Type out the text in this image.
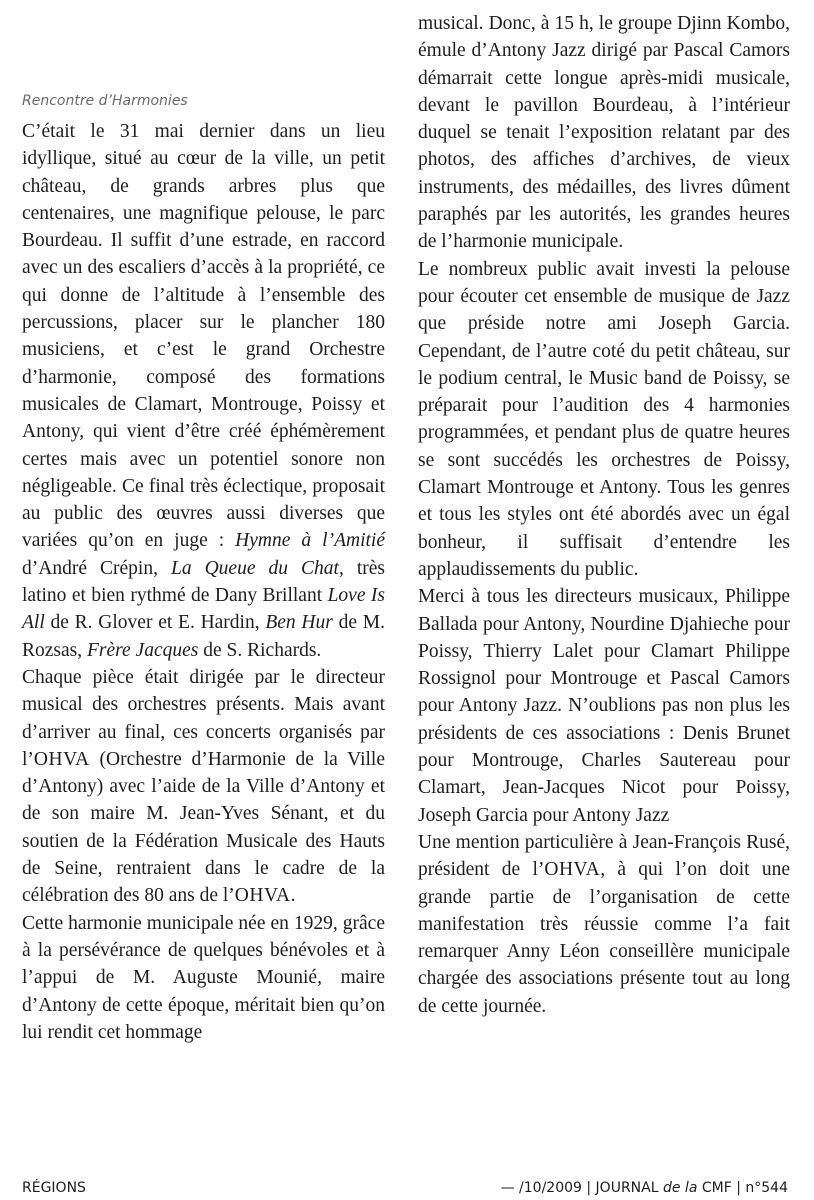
Rencontre d’Harmonies

C’était le 31 mai dernier dans un lieu idyllique, situé au cœur de la ville, un petit château, de grands arbres plus que centenaires, une magnifique pelouse, le parc Bourdeau. Il suffit d’une estrade, en raccord avec un des escaliers d’accès à la propriété, ce qui donne de l’altitude à l’ensemble des percussions, placer sur le plancher 180 musiciens, et c’est le grand Orchestre d’harmonie, composé des formations musicales de Clamart, Montrouge, Poissy et Antony, qui vient d’être créé éphémèrement certes mais avec un potentiel sonore non négligeable. Ce final très éclectique, proposait au public des œuvres aussi diverses que variées qu’on en juge : Hymne à l’Amitié d’André Crépin, La Queue du Chat, très latino et bien rythmé de Dany Brillant Love Is All de R. Glover et E. Hardin, Ben Hur de M. Rozsas, Frère Jacques de S. Richards.

Chaque pièce était dirigée par le directeur musical des orchestres présents. Mais avant d’arriver au final, ces concerts organisés par l’OHVA (Orchestre d’Harmonie de la Ville d’Antony) avec l’aide de la Ville d’Antony et de son maire M. Jean-Yves Sénant, et du soutien de la Fédération Musicale des Hauts de Seine, rentraient dans le cadre de la célébration des 80 ans de l’OHVA.

Cette harmonie municipale née en 1929, grâce à la persévérance de quelques bénévoles et à l’appui de M. Auguste Mounié, maire d’Antony de cette époque, méritait bien qu’on lui rendit cet hommage

musical. Donc, à 15 h, le groupe Djinn Kombo, émule d’Antony Jazz dirigé par Pascal Camors démarrait cette longue après-midi musicale, devant le pavillon Bourdeau, à l’intérieur duquel se tenait l’exposition relatant par des photos, des affiches d’archives, de vieux instruments, des médailles, des livres dûment paraphés par les autorités, les grandes heures de l’harmonie municipale.

Le nombreux public avait investi la pelouse pour écouter cet ensemble de musique de Jazz que préside notre ami Joseph Garcia. Cependant, de l’autre coté du petit château, sur le podium central, le Music band de Poissy, se préparait pour l’audition des 4 harmonies programmées, et pendant plus de quatre heures se sont succédés les orchestres de Poissy, Clamart Montrouge et Antony. Tous les genres et tous les styles ont été abordés avec un égal bonheur, il suffisait d’entendre les applaudissements du public.

Merci à tous les directeurs musicaux, Philippe Ballada pour Antony, Nourdine Djahieche pour Poissy, Thierry Lalet pour Clamart Philippe Rossignol pour Montrouge et Pascal Camors pour Antony Jazz. N’oublions pas non plus les présidents de ces associations : Denis Brunet pour Montrouge, Charles Sautereau pour Clamart, Jean-Jacques Nicot pour Poissy, Joseph Garcia pour Antony Jazz

Une mention particulière à Jean-François Rusé, président de l’OHVA, à qui l’on doit une grande partie de l’organisation de cette manifestation très réussie comme l’a fait remarquer Anny Léon conseillère municipale chargée des associations présente tout au long de cette journée.

RÉGIONS	— /10/2009 | JOURNAL de la CMF | n°544
